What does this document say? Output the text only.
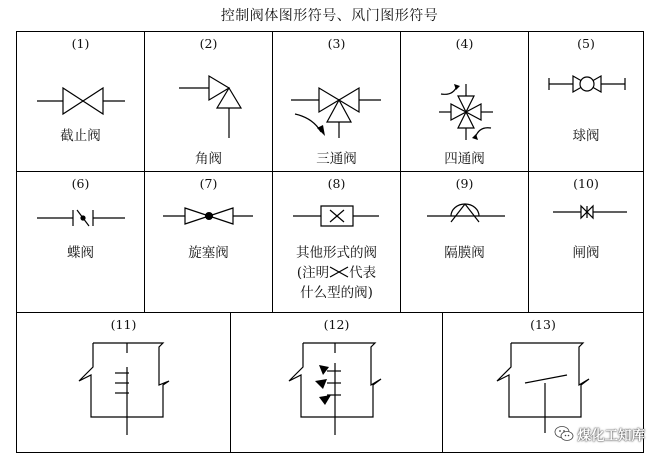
控制阀体图形符号、风门图形符号
(1)
截止阀
(2)
角阀
(3)
三通阀
(4)
四通阀
(5)
球阀
(6)
蝶阀
(7)
旋塞阀
(8)
其他形式的阀
(注明 代表
什么型的阀)
(9)
隔膜阀
(10)
闸阀
(11)	(12)	(13)
煤化工知库
